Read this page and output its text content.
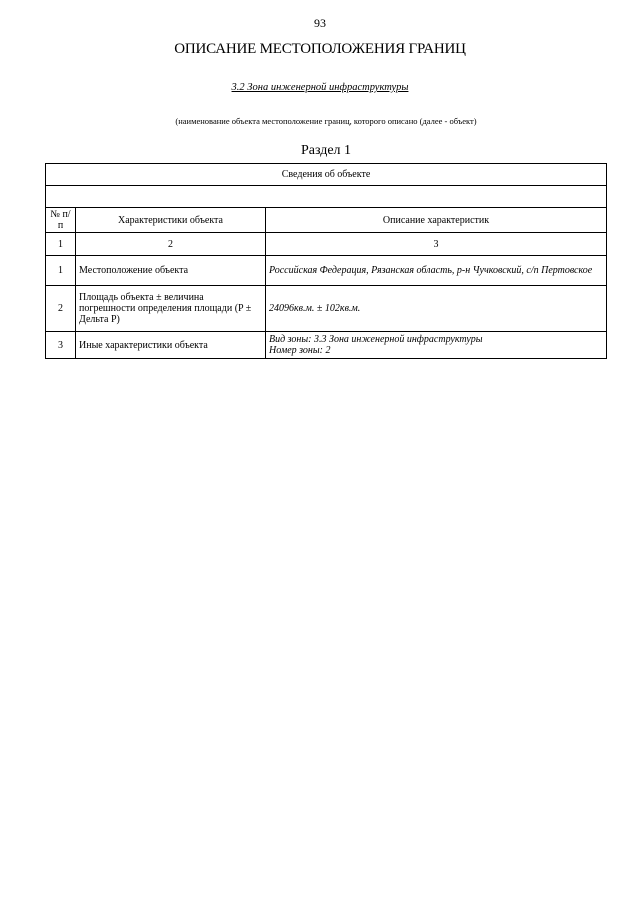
93
ОПИСАНИЕ МЕСТОПОЛОЖЕНИЯ ГРАНИЦ
3.2 Зона инженерной инфраструктуры
(наименование объекта местоположение границ, которого описано (далее - объект)
Раздел 1
Сведения об объекте		

№ п/п	Характеристики объекта	Описание характеристик
1	2	3
1	Местоположение объекта	Российская Федерация, Рязанская область, р-н Чучковский, с/п Пертовское

2	Площадь объекта ± величина погрешности определения площади (P ± Дельта P)	24096кв.м. ± 102кв.м.

3	Иные характеристики объекта	Вид зоны: 3.3 Зона инженерной инфраструктуры
Номер зоны: 2
